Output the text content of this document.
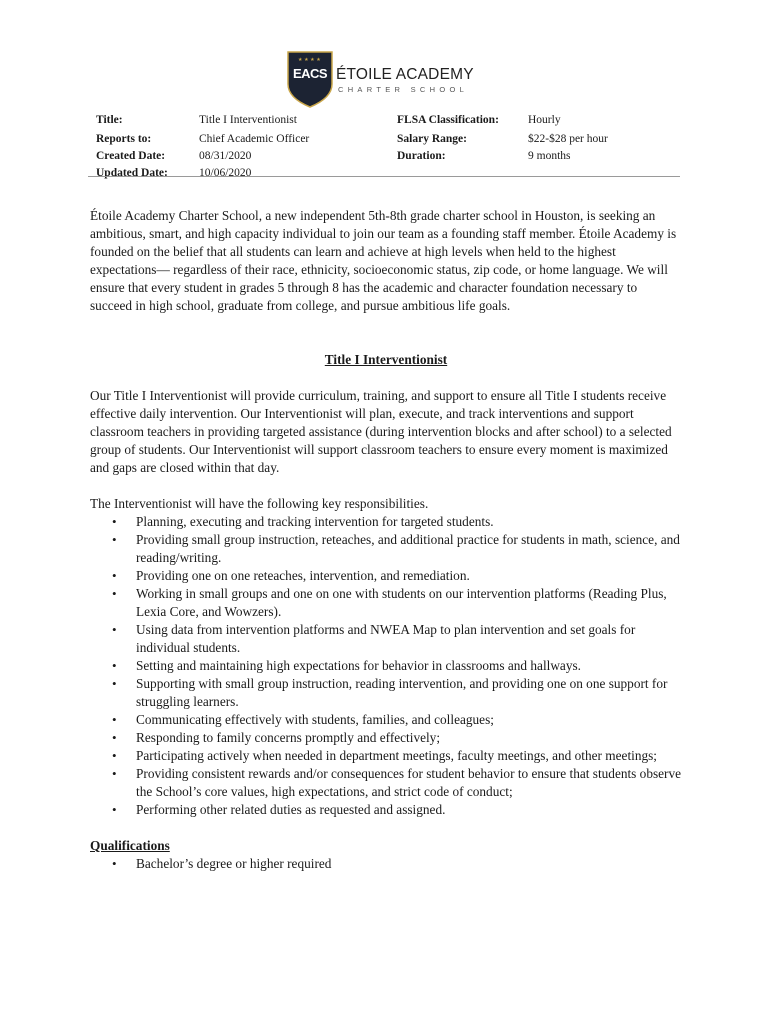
★ ★ ★ ★
EACS ÉTOILE ACADEMY
CHARTER SCHOOL
Title:
Reports to:
Created Date:
Updated Date:
Title I Interventionist
Chief Academic Officer
08/31/2020
10/06/2020
FLSA Classification:
Salary Range:
Duration:
Hourly
$22-$28 per hour
9 months

Étoile Academy Charter School, a new independent 5th-8th grade charter school in Houston, is seeking an ambitious, smart, and high capacity individual to join our team as a founding staff member. Étoile Academy is founded on the belief that all students can learn and achieve at high levels when held to the highest expectations— regardless of their race, ethnicity, socioeconomic status, zip code, or home language. We will ensure that every student in grades 5 through 8 has the academic and character foundation necessary to succeed in high school, graduate from college, and pursue ambitious life goals.

Title I Interventionist

Our Title I Interventionist will provide curriculum, training, and support to ensure all Title I students receive effective daily intervention. Our Interventionist will plan, execute, and track interventions and support classroom teachers in providing targeted assistance (during intervention blocks and after school) to a selected group of students. Our Interventionist will support classroom teachers to ensure every moment is maximized and gaps are closed within that day.

The Interventionist will have the following key responsibilities.

• Planning, executing and tracking intervention for targeted students.
• Providing small group instruction, reteaches, and additional practice for students in math, science, and reading/writing.
• Providing one on one reteaches, intervention, and remediation.
• Working in small groups and one on one with students on our intervention platforms (Reading Plus, Lexia Core, and Wowzers).
• Using data from intervention platforms and NWEA Map to plan intervention and set goals for individual students.
• Setting and maintaining high expectations for behavior in classrooms and hallways.
• Supporting with small group instruction, reading intervention, and providing one on one support for struggling learners.
• Communicating effectively with students, families, and colleagues;
• Responding to family concerns promptly and effectively;
• Participating actively when needed in department meetings, faculty meetings, and other meetings;
• Providing consistent rewards and/or consequences for student behavior to ensure that students observe the School’s core values, high expectations, and strict code of conduct;
• Performing other related duties as requested and assigned.

Qualifications

• Bachelor’s degree or higher required
